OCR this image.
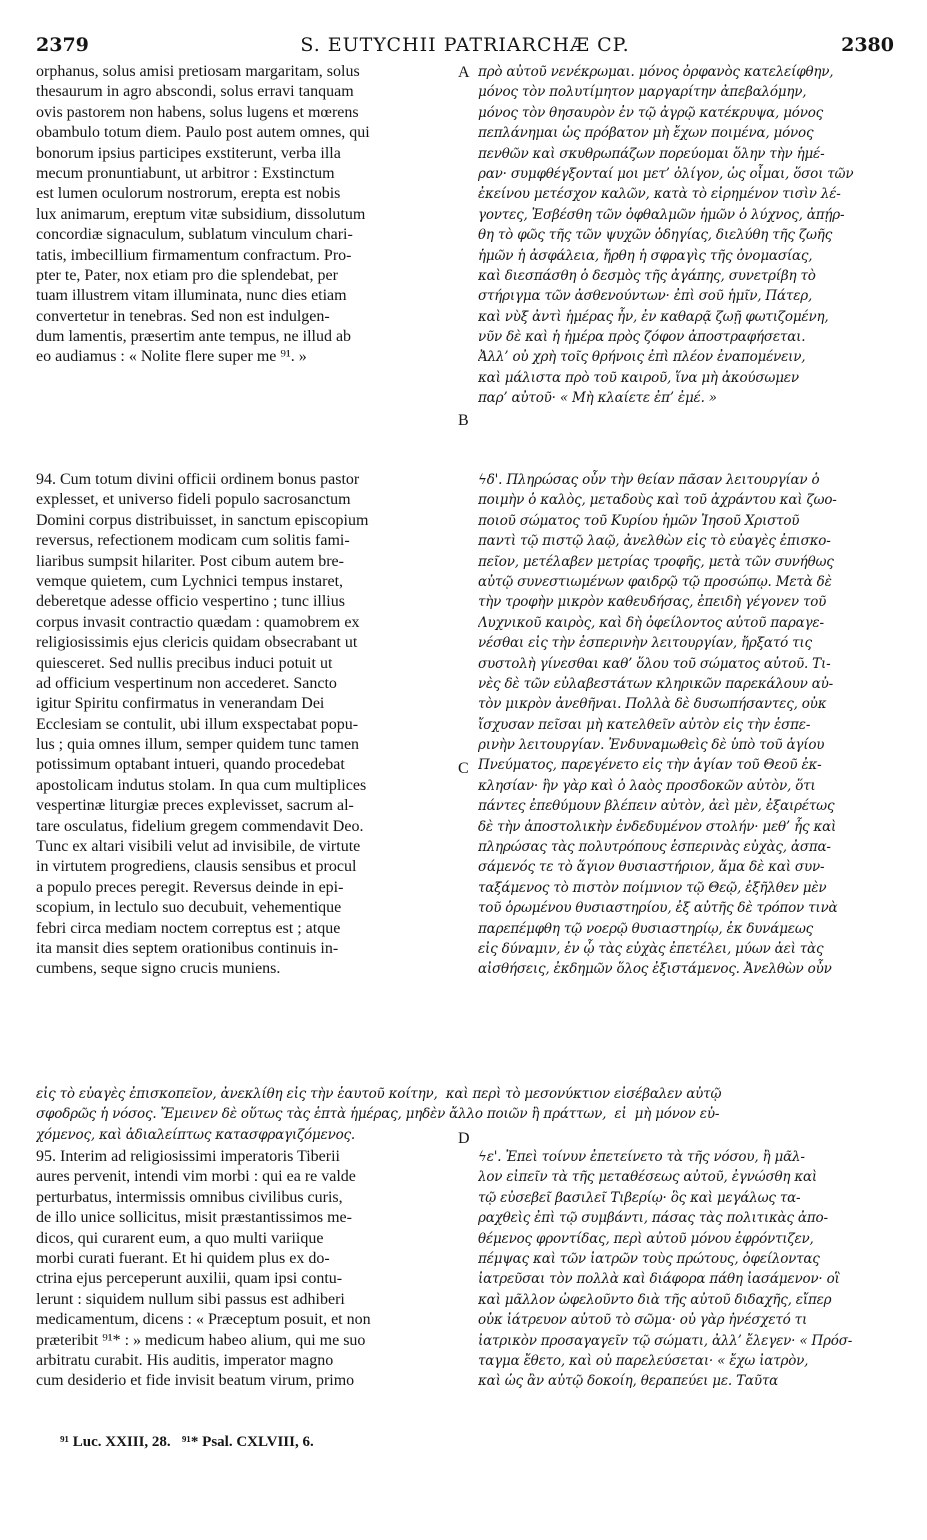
2379	S. EUTYCHII PATRIARCHÆ CP.	2380
orphanus, solus amisi pretiosam margaritam, solus
thesaurum in agro abscondi, solus erravi tanquam
ovis pastorem non habens, solus lugens et mœrens
obambulo totum diem. Paulo post autem omnes, qui
bonorum ipsius participes exstiterunt, verba illa
mecum pronuntiabunt, ut arbitror : Exstinctum
est lumen oculorum nostrorum, erepta est nobis
lux animarum, ereptum vitæ subsidium, dissolutum
concordiæ signaculum, sublatum vinculum chari-
tatis, imbecillium firmamentum confractum. Pro-
pter te, Pater, nox etiam pro die splendebat, per
tuam illustrem vitam illuminata, nunc dies etiam
convertetur in tenebras. Sed non est indulgen-
dum lamentis, præsertim ante tempus, ne illud ab
eo audiamus : « Nolite flere super me ⁹¹. »
πρὸ αὐτοῦ νενέκρωμαι. μόνος ὀρφανὸς κατελείφθην,
μόνος τὸν πολυτίμητον μαργαρίτην ἀπεβαλόμην,
μόνος τὸν θησαυρὸν ἐν τῷ ἀγρῷ κατέκρυψα, μόνος
πεπλάνημαι ὡς πρόβατον μὴ ἔχων ποιμένα, μόνος
πενθῶν καὶ σκυθρωπάζων πορεύομαι ὅλην τὴν ἡμέ-
ραν· συμφθέγξονταί μοι μετ’ ὀλίγον, ὡς οἶμαι, ὅσοι τῶν
ἐκείνου μετέσχον καλῶν, κατὰ τὸ εἰρημένον τισὶν λέ-
γοντες, Ἐσβέσθη τῶν ὀφθαλμῶν ἡμῶν ὁ λύχνος, ἀπῄρ-
θη τὸ φῶς τῆς τῶν ψυχῶν ὁδηγίας, διελύθη τῆς ζωῆς
ἡμῶν ἡ ἀσφάλεια, ἤρθη ἡ σφραγὶς τῆς ὁνομασίας,
καὶ διεσπάσθη ὁ δεσμὸς τῆς ἀγάπης, συνετρίβη τὸ
στήριγμα τῶν ἀσθενούντων· ἐπὶ σοῦ ἡμῖν, Πάτερ,
καὶ νὺξ ἀντὶ ἡμέρας ἦν, ἐν καθαρᾷ ζωῇ φωτιζομένη,
νῦν δὲ καὶ ἡ ἡμέρα πρὸς ζόφον ἀποστραφήσεται.
Ἀλλ’ οὐ χρὴ τοῖς θρήνοις ἐπὶ πλέον ἐναπομένειν,
καὶ μάλιστα πρὸ τοῦ καιροῦ, ἵνα μὴ ἀκούσωμεν
παρ’ αὐτοῦ· « Μὴ κλαίετε ἐπ’ ἐμέ. »
94. Cum totum divini officii ordinem bonus pastor
explesset, et universo fideli populo sacrosanctum
Domini corpus distribuisset, in sanctum episcopium
reversus, refectionem modicam cum solitis fami-
liaribus sumpsit hilariter. Post cibum autem bre-
vemque quietem, cum Lychnici tempus instaret,
deberetque adesse officio vespertino ; tunc illius
corpus invasit contractio quædam : quamobrem ex
religiosissimis ejus clericis quidam obsecrabant ut
quiesceret. Sed nullis precibus induci potuit ut
ad officium vespertinum non accederet. Sancto
igitur Spiritu confirmatus in venerandam Dei
Ecclesiam se contulit, ubi illum exspectabat popu-
lus ; quia omnes illum, semper quidem tunc tamen
potissimum optabant intueri, quando procedebat
apostolicam indutus stolam. In qua cum multiplices
vespertinæ liturgiæ preces explevisset, sacrum al-
tare osculatus, fidelium gregem commendavit Deo.
Tunc ex altari visibili velut ad invisibile, de virtute
in virtutem progrediens, clausis sensibus et procul
a populo preces peregit. Reversus deinde in epi-
scopium, in lectulo suo decubuit, vehementique
febri circa mediam noctem correptus est ; atque
ita mansit dies septem orationibus continuis in-
cumbens, seque signo crucis muniens.
ϟδ'. Πληρώσας οὖν τὴν θείαν πᾶσαν λειτουργίαν ὁ
ποιμὴν ὁ καλὸς, μεταδοὺς καὶ τοῦ ἀχράντου καὶ ζωο-
ποιοῦ σώματος τοῦ Κυρίου ἡμῶν Ἰησοῦ Χριστοῦ
παντὶ τῷ πιστῷ λαῷ, ἀνελθὼν εἰς τὸ εὐαγὲς ἐπισκο-
πεῖον, μετέλαβεν μετρίας τροφῆς, μετὰ τῶν συνήθως
αὐτῷ συνεστιωμένων φαιδρῷ τῷ προσώπῳ. Μετὰ δὲ
τὴν τροφὴν μικρὸν καθευδήσας, ἐπειδὴ γέγονεν τοῦ
Λυχνικοῦ καιρὸς, καὶ δὴ ὀφείλοντος αὐτοῦ παραγε-
νέσθαι εἰς τὴν ἑσπερινὴν λειτουργίαν, ἤρξατό τις
συστολὴ γίνεσθαι καθ’ ὅλου τοῦ σώματος αὐτοῦ. Τι-
νὲς δὲ τῶν εὐλαβεστάτων κληρικῶν παρεκάλουν αὐ-
τὸν μικρὸν ἀνεθῆναι. Πολλὰ δὲ δυσωπήσαντες, οὐκ
ἴσχυσαν πεῖσαι μὴ κατελθεῖν αὐτὸν εἰς τὴν ἑσπε-
ρινὴν λειτουργίαν. Ἐνδυναμωθεὶς δὲ ὑπὸ τοῦ ἁγίου
Πνεύματος, παρεγένετο εἰς τὴν ἁγίαν τοῦ Θεοῦ ἐκ-
κλησίαν· ἣν γὰρ καὶ ὁ λαὸς προσδοκῶν αὐτὸν, ὅτι
πάντες ἐπεθύμουν βλέπειν αὐτὸν, ἀεὶ μὲν, ἐξαιρέτως
δὲ τὴν ἀποστολικὴν ἐνδεδυμένον στολήν· μεθ’ ἧς καὶ
πληρώσας τὰς πολυτρόπους ἑσπερινὰς εὐχὰς, ἀσπα-
σάμενός τε τὸ ἅγιον θυσιαστήριον, ἅμα δὲ καὶ συν-
ταξάμενος τὸ πιστὸν ποίμνιον τῷ Θεῷ, ἐξῆλθεν μὲν
τοῦ ὁρωμένου θυσιαστηρίου, ἐξ αὐτῆς δὲ τρόπον τινὰ
παρεπέμφθη τῷ νοερῷ θυσιαστηρίῳ, ἐκ δυνάμεως
εἰς δύναμιν, ἐν ᾧ τὰς εὐχὰς ἐπετέλει, μύων ἀεὶ τὰς
αἰσθήσεις, ἐκδημῶν ὅλος ἐξιστάμενος. Ἀνελθὼν οὖν
εἰς τὸ εὐαγὲς ἐπισκοπεῖον, ἀνεκλίθη εἰς τὴν ἑαυτοῦ κοίτην,  καὶ περὶ τὸ μεσονύκτιον εἰσέβαλεν αὐτῷ
σφοδρῶς ἡ νόσος. Ἔμεινεν δὲ οὕτως τὰς ἑπτὰ ἡμέρας, μηδὲν ἄλλο ποιῶν ἢ πράττων,  εἰ  μὴ μόνον εὐ-
χόμενος, καὶ ἀδιαλείπτως κατασφραγιζόμενος.
95. Interim ad religiosissimi imperatoris Tiberii
aures pervenit, intendi vim morbi : qui ea re valde
perturbatus, intermissis omnibus civilibus curis,
de illo unice sollicitus, misit præstantissimos me-
dicos, qui curarent eum, a quo multi variique
morbi curati fuerant. Et hi quidem plus ex do-
ctrina ejus perceperunt auxilii, quam ipsi contu-
lerunt : siquidem nullum sibi passus est adhiberi
medicamentum, dicens : « Præceptum posuit, et non
præteribit ⁹¹* : » medicum habeo alium, qui me suo
arbitratu curabit. His auditis, imperator magno
cum desiderio et fide invisit beatum virum, primo
ϟε'. Ἐπεὶ τοίνυν ἐπετείνετο τὰ τῆς νόσου, ἢ μᾶλ-
λον εἰπεῖν τὰ τῆς μεταθέσεως αὐτοῦ, ἐγνώσθη καὶ
τῷ εὐσεβεῖ βασιλεῖ Τιβερίῳ· ὃς καὶ μεγάλως τα-
ραχθεὶς ἐπὶ τῷ συμβάντι, πάσας τὰς πολιτικὰς ἀπο-
θέμενος φροντίδας, περὶ αὐτοῦ μόνου ἐφρόντιζεν,
πέμψας καὶ τῶν ἰατρῶν τοὺς πρώτους, ὀφείλοντας
ἰατρεῦσαι τὸν πολλὰ καὶ διάφορα πάθη ἰασάμενον· οἳ
καὶ μᾶλλον ὠφελοῦντο διὰ τῆς αὐτοῦ διδαχῆς, εἴπερ
οὐκ ἰάτρευον αὐτοῦ τὸ σῶμα· οὐ γὰρ ἠνέσχετό τι
ἰατρικὸν προσαγαγεῖν τῷ σώματι, ἀλλ’ ἔλεγεν· « Πρόσ-
ταγμα ἔθετο, καὶ οὐ παρελεύσεται· « ἔχω ἰατρὸν,
καὶ ὡς ἂν αὐτῷ δοκοίη, θεραπεύει με. Ταῦτα
A
B
C
D
⁹¹ Luc. XXIII, 28.   ⁹¹* Psal. CXLVIII, 6.
